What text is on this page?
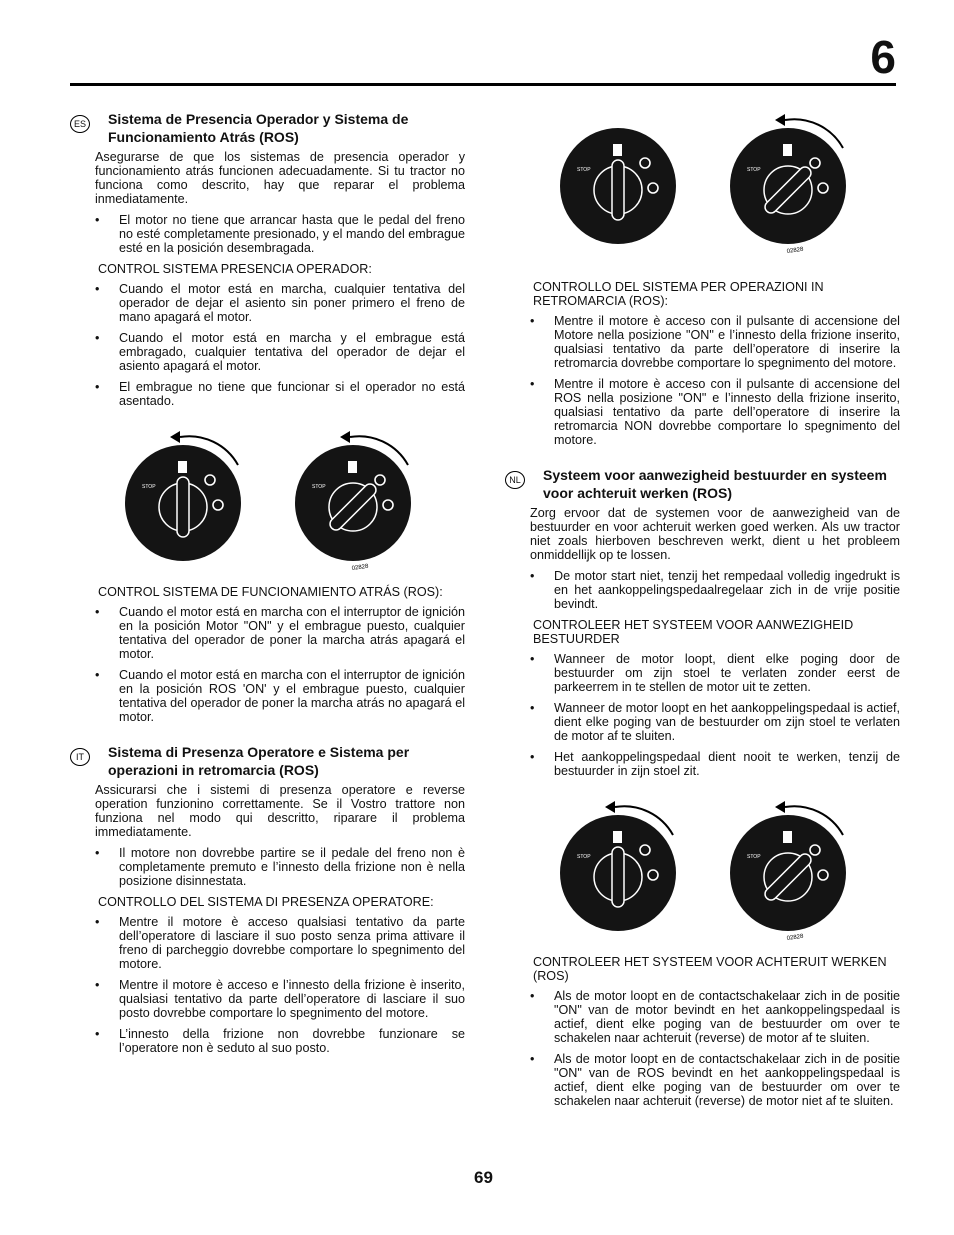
6
ES Sistema de Presencia Operador y Sistema de Funcionamiento Atrás (ROS)

Asegurarse de que los sistemas de presencia operador y funcionamiento atrás funcionen adecuadamente. Si tu tractor no funciona como descrito, hay que reparar el problema inmediatamente.

• El motor no tiene que arrancar hasta que le pedal del freno no esté completamente presionado, y el mando del embrague esté en la posición desembragada.
CONTROL SISTEMA PRESENCIA OPERADOR:
• Cuando el motor está en marcha, cualquier tentativa del operador de dejar el asiento sin poner primero el freno de mano apagará el motor.
• Cuando el motor está en marcha y el embrague está embragado, cualquier tentativa del operador de dejar el asiento apagará el motor.
• El embrague no tiene que funcionar si el operador no está asentado.
STOP	STOP
02828
CONTROL SISTEMA DE FUNCIONAMIENTO ATRÁS (ROS):
• Cuando el motor está en marcha con el interruptor de ignición en la posición Motor "ON" y el embrague puesto, cualquier tentativa del operador de poner la marcha atrás apagará el motor.
• Cuando el motor está en marcha con el interruptor de ignición en la posición ROS 'ON' y el embrague puesto, cualquier tentativa del operador de poner la marcha atrás no apagará el motor.
IT	Sistema di Presenza Operatore e Sistema per operazioni in retromarcia (ROS)

Assicurarsi che i sistemi di presenza operatore e reverse operation funzionino correttamente. Se il Vostro trattore non funziona nel modo qui descritto, riparare il problema immediatamente.

• Il motore non dovrebbe partire se il pedale del freno non è completamente premuto e l’innesto della frizione non è nella posizione disinnestata.
CONTROLLO DEL SISTEMA DI PRESENZA OPERATORE:
• Mentre il motore è acceso qualsiasi tentativo da parte dell’operatore di lasciare il suo posto senza prima attivare il freno di parcheggio dovrebbe comportare lo spegnimento del motore.
• Mentre il motore è acceso e l’innesto della frizione è inserito, qualsiasi tentativo da parte dell’operatore di lasciare il suo posto dovrebbe comportare lo spegnimento del motore.
• L’innesto della frizione non dovrebbe funzionare se l’operatore non è seduto al suo posto.
STOP	STOP
02828
CONTROLLO DEL SISTEMA PER OPERAZIONI IN RETROMARCIA (ROS):
• Mentre il motore è acceso con il pulsante di accensione del Motore nella posizione "ON" e l’innesto della frizione inserito, qualsiasi tentativo da parte dell’operatore di inserire la retromarcia dovrebbe comportare lo spegnimento del motore.
• Mentre il motore è acceso con il pulsante di accensione del ROS nella posizione "ON" e l’innesto della frizione inserito, qualsiasi tentativo da parte dell’operatore di inserire la retromarcia NON dovrebbe comportare lo spegnimento del motore.
NL	Systeem voor aanwezigheid bestuurder en systeem voor achteruit werken (ROS)

Zorg ervoor dat de systemen voor de aanwezigheid van de bestuurder en voor achteruit werken goed werken. Als uw tractor niet zoals hierboven beschreven werkt, dient u het probleem onmiddellijk op te lossen.

• De motor start niet, tenzij het rempedaal volledig ingedrukt is en het aankoppelingspedaalregelaar zich in de vrije positie bevindt.
CONTROLEER HET SYSTEEM VOOR AANWEZIGHEID BESTUURDER
• Wanneer de motor loopt, dient elke poging door de bestuurder om zijn stoel te verlaten zonder eerst de parkeerrem in te stellen de motor uit te zetten.
• Wanneer de motor loopt en het aankoppelingspedaal is actief, dient elke poging van de bestuurder om zijn stoel te verlaten de motor af te sluiten.
• Het aankoppelingspedaal dient nooit te werken, tenzij de bestuurder in zijn stoel zit.
STOP	STOP
02828
CONTROLEER HET SYSTEEM VOOR ACHTERUIT WERKEN (ROS)
• Als de motor loopt en de contactschakelaar zich in de positie "ON" van de motor bevindt en het aankoppelingspedaal is actief, dient elke poging van de bestuurder om over te schakelen naar achteruit (reverse) de motor af te sluiten.
• Als de motor loopt en de contactschakelaar zich in de positie "ON" van de ROS bevindt en het aankoppelingspedaal is actief, dient elke poging van de bestuurder om over te schakelen naar achteruit (reverse) de motor niet af te sluiten.
69
